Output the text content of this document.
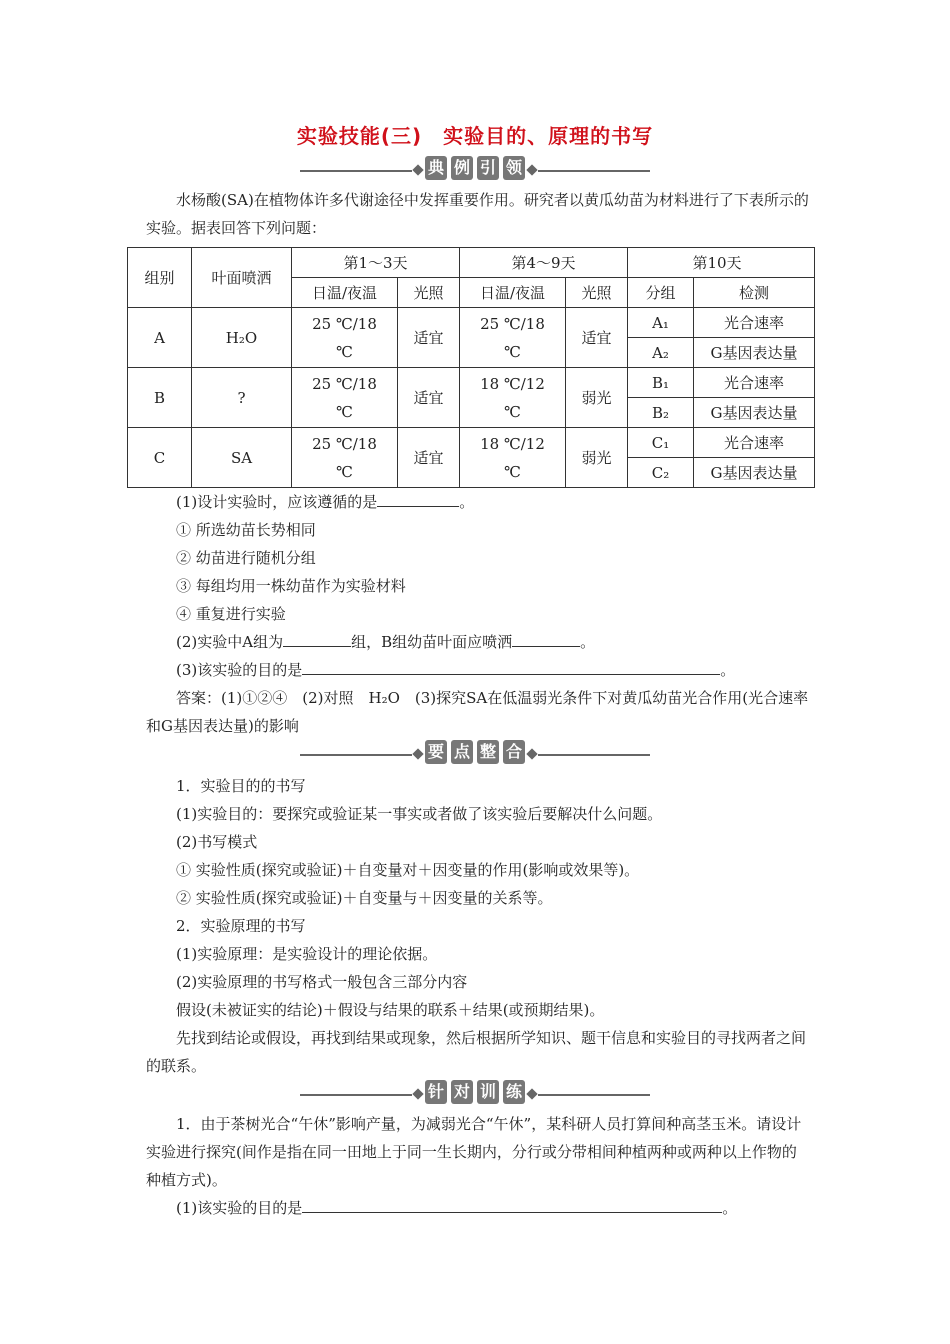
实验技能(三)　实验目的、原理的书写
典 例 引 领
水杨酸(SA)在植物体许多代谢途径中发挥重要作用。研究者以黄瓜幼苗为材料进行了下表所示的实验。据表回答下列问题：
组别	叶面喷洒	第1～3天		第4～9天		第10天	
		日温/夜温	光照	日温/夜温	光照	分组	检测
A	H₂O	25 ℃/18 ℃	适宜	25 ℃/18 ℃	适宜	A₁	光合速率
						A₂	G基因表达量
B	?	25 ℃/18 ℃	适宜	18 ℃/12 ℃	弱光	B₁	光合速率
						B₂	G基因表达量
C	SA	25 ℃/18 ℃	适宜	18 ℃/12 ℃	弱光	C₁	光合速率
						C₂	G基因表达量
(1)设计实验时，应该遵循的是	。
① 所选幼苗长势相同
② 幼苗进行随机分组
③ 每组均用一株幼苗作为实验材料
④ 重复进行实验
(2)实验中A组为	组，B组幼苗叶面应喷洒	。
(3)该实验的目的是	。
答案：(1)①②④　(2)对照　H₂O　(3)探究SA在低温弱光条件下对黄瓜幼苗光合作用(光合速率和G基因表达量)的影响
要 点 整 合
1．实验目的的书写
(1)实验目的：要探究或验证某一事实或者做了该实验后要解决什么问题。
(2)书写模式
① 实验性质(探究或验证)＋自变量对＋因变量的作用(影响或效果等)。
② 实验性质(探究或验证)＋自变量与＋因变量的关系等。
2．实验原理的书写
(1)实验原理：是实验设计的理论依据。
(2)实验原理的书写格式一般包含三部分内容
假设(未被证实的结论)＋假设与结果的联系＋结果(或预期结果)。
先找到结论或假设，再找到结果或现象，然后根据所学知识、题干信息和实验目的寻找两者之间的联系。
针 对 训 练
1．由于茶树光合“午休”影响产量，为减弱光合“午休”，某科研人员打算间种高茎玉米。请设计实验进行探究(间作是指在同一田地上于同一生长期内，分行或分带相间种植两种或两种以上作物的种植方式)。
(1)该实验的目的是	。
